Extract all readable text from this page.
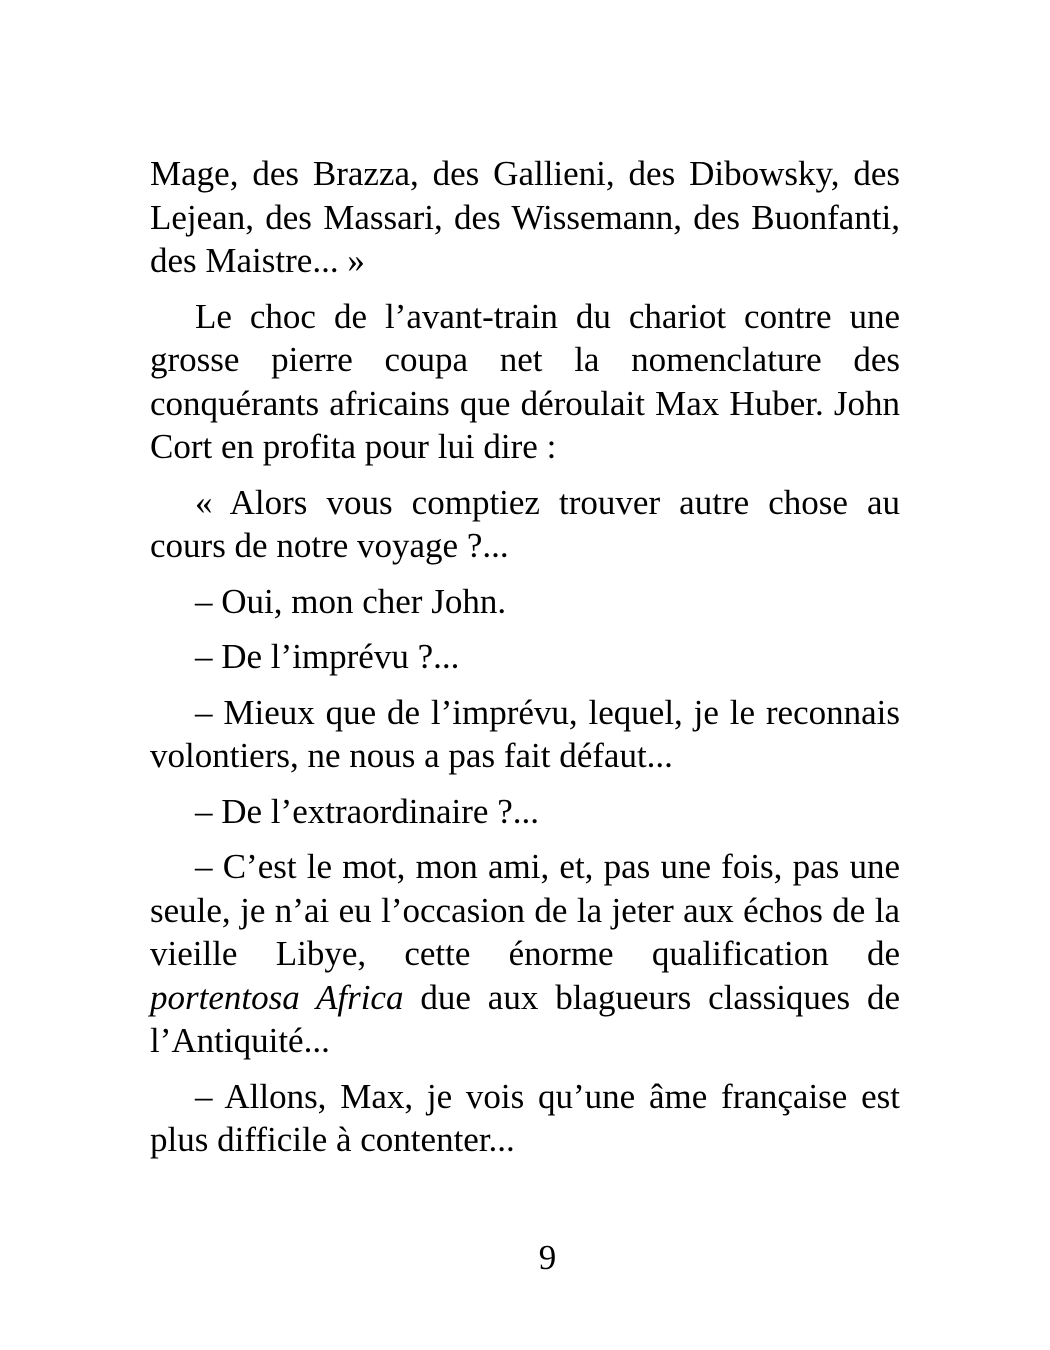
Mage, des Brazza, des Gallieni, des Dibowsky, des Lejean, des Massari, des Wissemann, des Buonfanti, des Maistre... »

Le choc de l’avant-train du chariot contre une grosse pierre coupa net la nomenclature des conquérants africains que déroulait Max Huber. John Cort en profita pour lui dire :

« Alors vous comptiez trouver autre chose au cours de notre voyage ?...

– Oui, mon cher John.

– De l’imprévu ?...

– Mieux que de l’imprévu, lequel, je le reconnais volontiers, ne nous a pas fait défaut...

– De l’extraordinaire ?...

– C’est le mot, mon ami, et, pas une fois, pas une seule, je n’ai eu l’occasion de la jeter aux échos de la vieille Libye, cette énorme qualification de portentosa Africa due aux blagueurs classiques de l’Antiquité...

– Allons, Max, je vois qu’une âme française est plus difficile à contenter...

9
